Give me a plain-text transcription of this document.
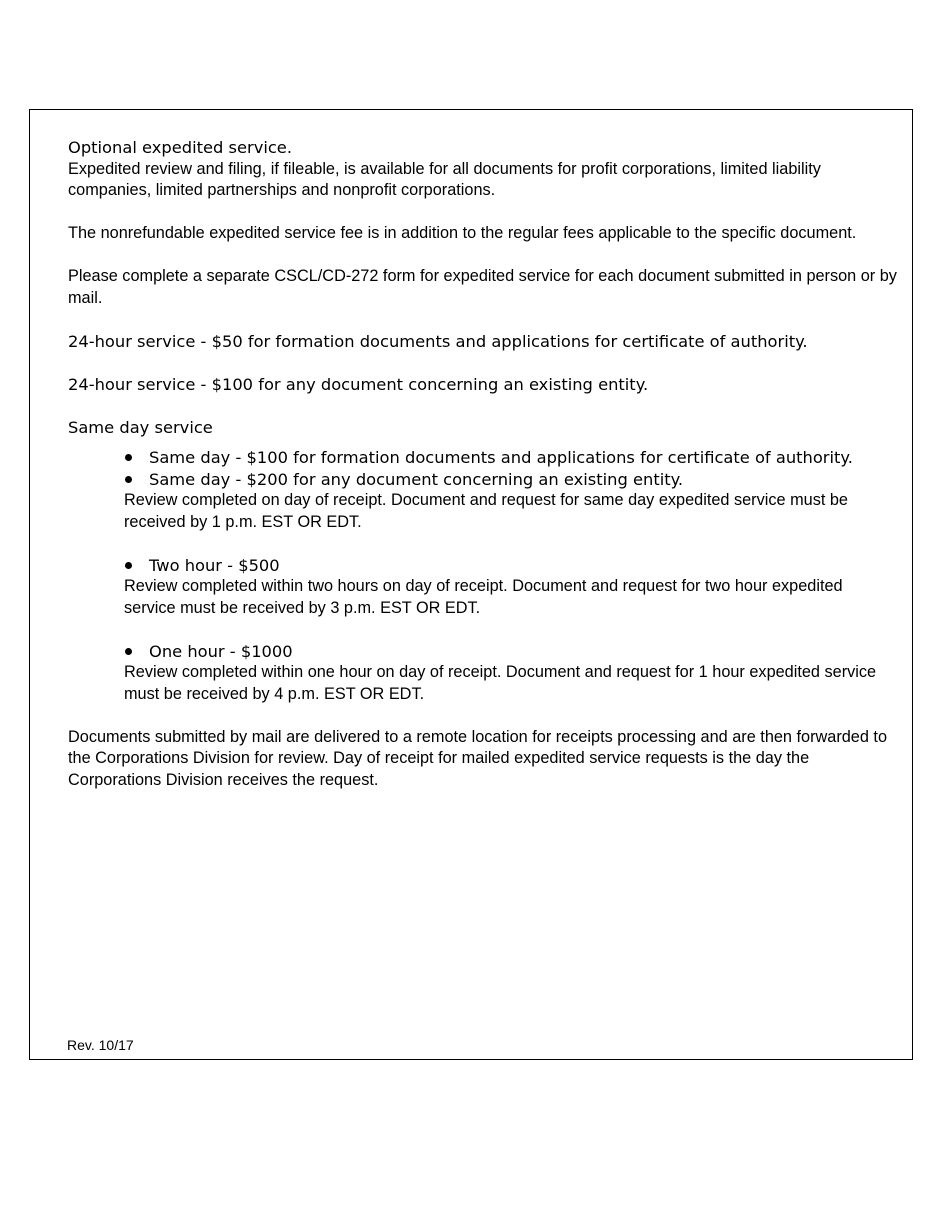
Optional expedited service.

Expedited review and filing, if fileable, is available for all documents for profit corporations, limited liability companies, limited partnerships and nonprofit corporations.

The nonrefundable expedited service fee is in addition to the regular fees applicable to the specific document.

Please complete a separate CSCL/CD-272 form for expedited service for each document submitted in person or by mail.

24-hour service - $50 for formation documents and applications for certificate of authority.

24-hour service - $100 for any document concerning an existing entity.

Same day service

Same day - $100 for formation documents and applications for certificate of authority.
Same day - $200 for any document concerning an existing entity.

Review completed on day of receipt. Document and request for same day expedited service must be received by 1 p.m. EST OR EDT.

Two hour - $500

Review completed within two hours on day of receipt. Document and request for two hour expedited service must be received by 3 p.m. EST OR EDT.

One hour - $1000

Review completed within one hour on day of receipt. Document and request for 1 hour expedited service must be received by 4 p.m. EST OR EDT.

Documents submitted by mail are delivered to a remote location for receipts processing and are then forwarded to the Corporations Division for review. Day of receipt for mailed expedited service requests is the day the Corporations Division receives the request.

Rev. 10/17
